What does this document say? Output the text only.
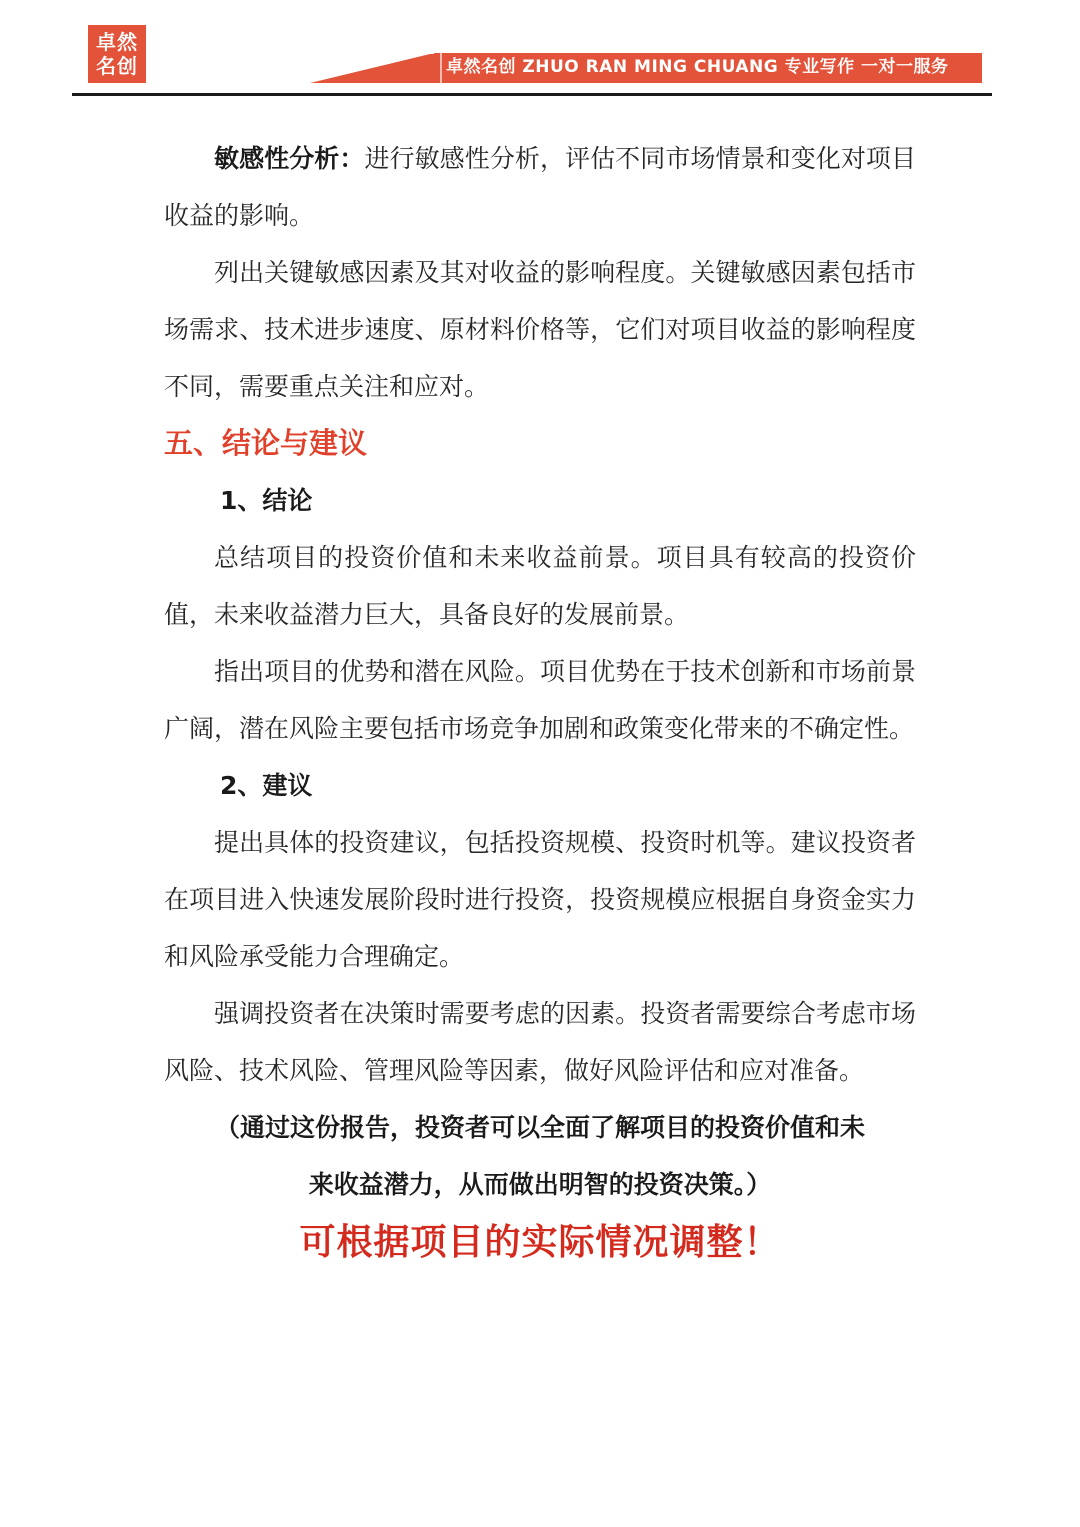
卓然
名创	卓然名创 ZHUO RAN MING CHUANG 专业写作 一对一服务

敏感性分析：进行敏感性分析，评估不同市场情景和变化对项目收益的影响。

列出关键敏感因素及其对收益的影响程度。关键敏感因素包括市场需求、技术进步速度、原材料价格等，它们对项目收益的影响程度不同，需要重点关注和应对。

五、结论与建议
1、结论

总结项目的投资价值和未来收益前景。项目具有较高的投资价值，未来收益潜力巨大，具备良好的发展前景。

指出项目的优势和潜在风险。项目优势在于技术创新和市场前景广阔，潜在风险主要包括市场竞争加剧和政策变化带来的不确定性。

2、建议

提出具体的投资建议，包括投资规模、投资时机等。建议投资者在项目进入快速发展阶段时进行投资，投资规模应根据自身资金实力和风险承受能力合理确定。

强调投资者在决策时需要考虑的因素。投资者需要综合考虑市场风险、技术风险、管理风险等因素，做好风险评估和应对准备。

（通过这份报告，投资者可以全面了解项目的投资价值和未

来收益潜力，从而做出明智的投资决策。）

可根据项目的实际情况调整！
